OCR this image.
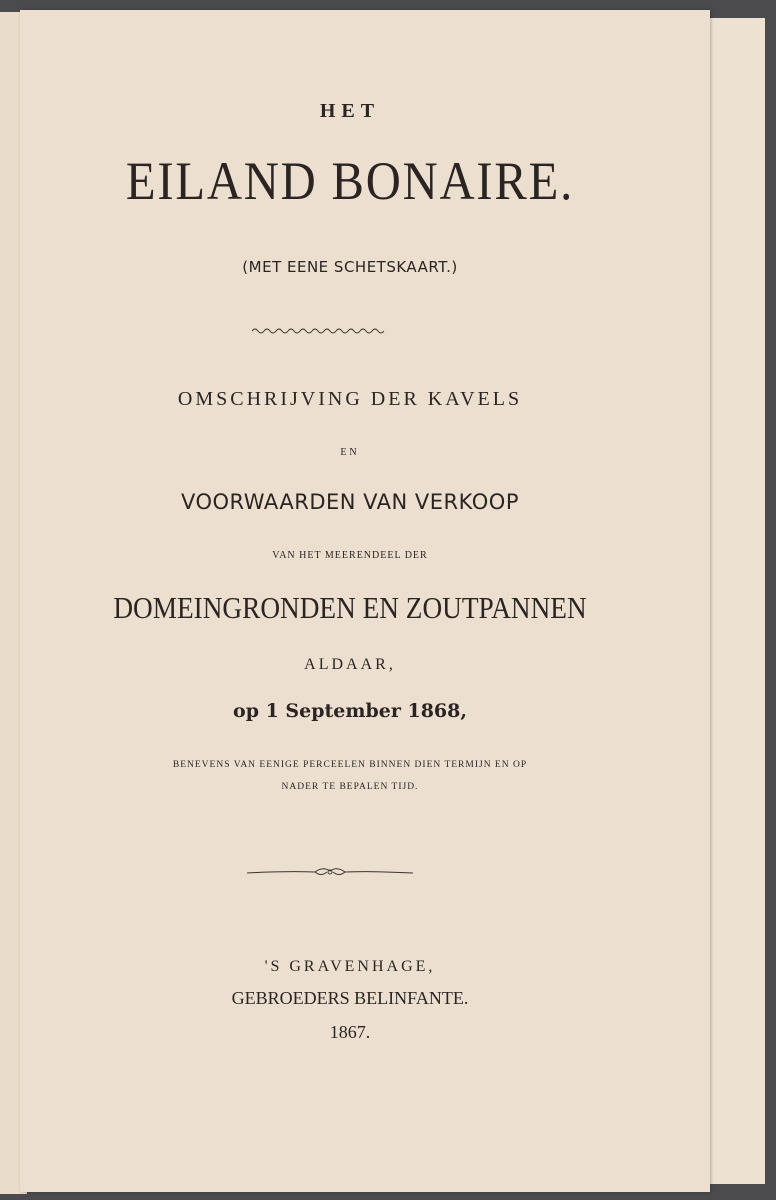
HET
EILAND BONAIRE.
(MET EENE SCHETSKAART.)
OMSCHRIJVING DER KAVELS
EN
VOORWAARDEN VAN VERKOOP
VAN HET MEERENDEEL DER
DOMEINGRONDEN EN ZOUTPANNEN
ALDAAR,
op 1 September 1868,
BENEVENS VAN EENIGE PERCEELEN BINNEN DIEN TERMIJN EN OP
NADER TE BEPALEN TIJD.
'S GRAVENHAGE,
GEBROEDERS BELINFANTE.
1867.
